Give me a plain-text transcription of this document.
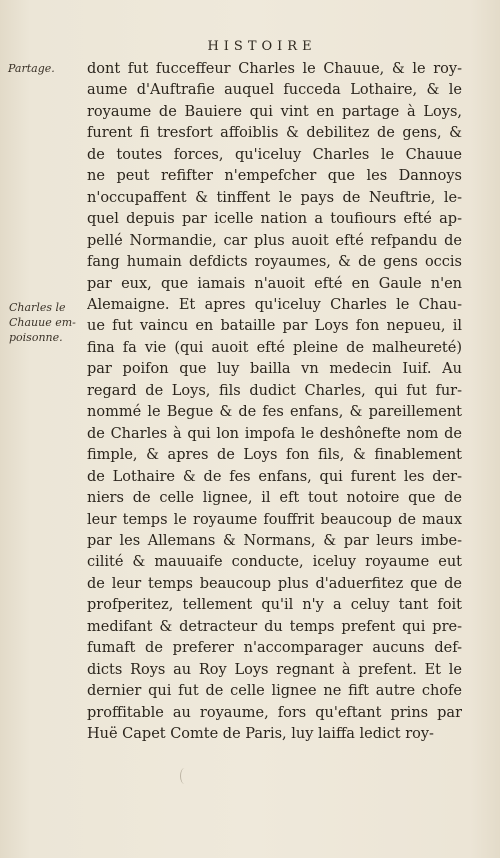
HISTOIRE
Partage.
Charles le
Chauue em-
poisonne.
dont fut fucceffeur Charles le Chauue, & le roy-
aume d'Auftrafie auquel fucceda Lothaire, & le
royaume de Bauiere qui vint en partage à Loys,
furent fi tresfort affoiblis & debilitez de gens, &
de toutes forces, qu'iceluy Charles le Chauue
ne peut refifter n'empefcher que les Dannoys
n'occupaffent & tinffent le pays de Neuftrie, le-
quel depuis par icelle nation a toufiours efté ap-
pellé Normandie, car plus auoit efté refpandu de
fang humain defdicts royaumes, & de gens occis
par eux, que iamais n'auoit efté en Gaule n'en
Alemaigne. Et apres qu'iceluy Charles le Chau-
ue fut vaincu en bataille par Loys fon nepueu, il
fina fa vie (qui auoit efté pleine de malheureté)
par poifon que luy bailla vn medecin Iuif. Au
regard de Loys, fils dudict Charles, qui fut fur-
nommé le Begue & de fes enfans, & pareillement
de Charles à qui lon impofa le deshônefte nom de
fimple, & apres de Loys fon fils, & finablement
de Lothaire & de fes enfans, qui furent les der-
niers de celle lignee, il eft tout notoire que de
leur temps le royaume fouffrit beaucoup de maux
par les Allemans & Normans, & par leurs imbe-
cilité & mauuaife conducte, iceluy royaume eut
de leur temps beaucoup plus d'aduerfitez que de
profperitez, tellement qu'il n'y a celuy tant foit
medifant & detracteur du temps prefent qui pre-
fumaft de preferer n'accomparager aucuns def-
dicts Roys au Roy Loys regnant à prefent. Et le
dernier qui fut de celle lignee ne fift autre chofe
proffitable au royaume, fors qu'eftant prins par
Huë Capet Comte de Paris, luy laiffa ledict roy-
